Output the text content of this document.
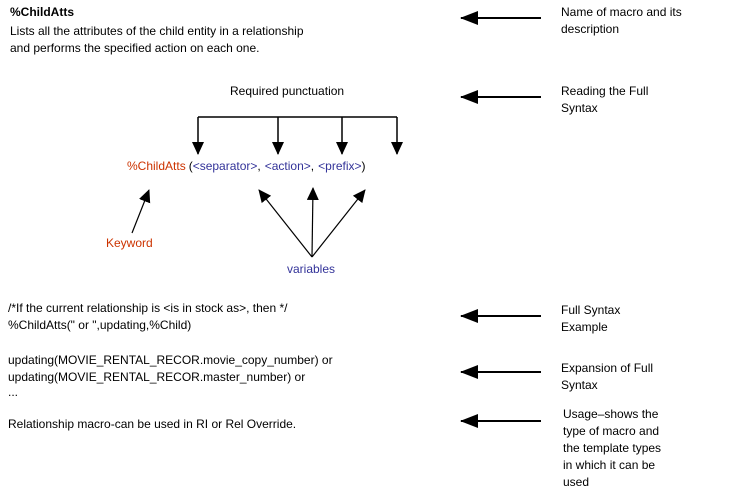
%ChildAtts
Lists all the attributes of the child entity in a relationship
and performs the specified action on each one.
Required punctuation
%ChildAtts (<separator>, <action>, <prefix>)
Keyword
variables
/*If the current relationship is <is in stock as>, then */
%ChildAtts(" or ",updating,%Child)
updating(MOVIE_RENTAL_RECOR.movie_copy_number) or
updating(MOVIE_RENTAL_RECOR.master_number) or
...
Relationship macro-can be used in RI or Rel Override.
Name of macro and its
description
Reading the Full
Syntax
Full Syntax
Example
Expansion of Full
Syntax
Usage–shows the
type of macro and
the template types
in which it can be
used
